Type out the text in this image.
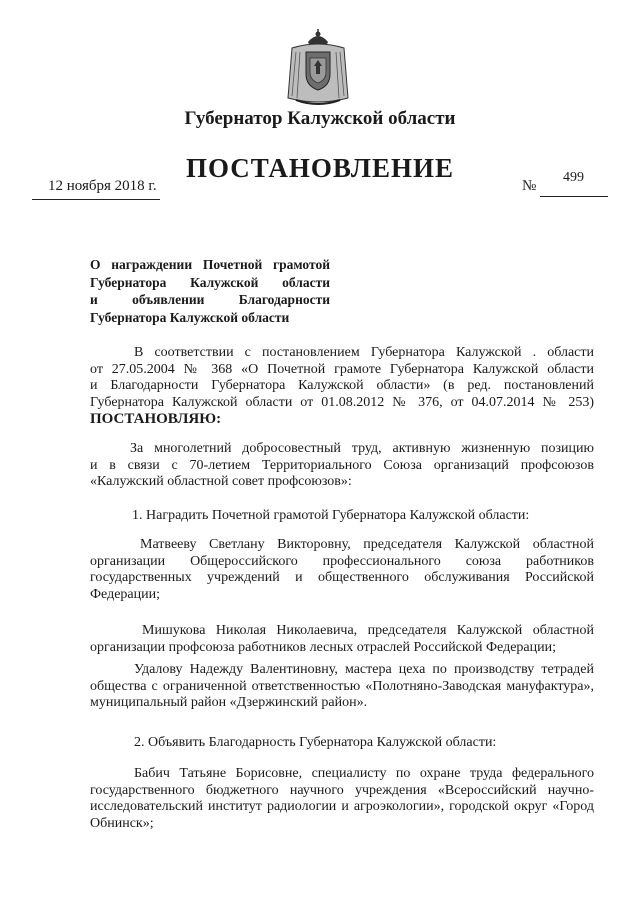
Губернатор Калужской области
ПОСТАНОВЛЕНИЕ
12 ноября 2018 г.	№
499
О награждении Почетной грамотой
Губернатора Калужской области
и объявлении Благодарности
Губернатора Калужской области
В соответствии с постановлением Губернатора Калужской . области
от 27.05.2004 № 368 «О Почетной грамоте Губернатора Калужской области
и Благодарности Губернатора Калужской области» (в ред. постановлений
Губернатора Калужской области от 01.08.2012 № 376, от 04.07.2014 № 253)
ПОСТАНОВЛЯЮ:
За многолетний добросовестный труд, активную жизненную позицию
и в связи с 70-летием Территориального Союза организаций профсоюзов
«Калужский областной совет профсоюзов»:
1. Наградить Почетной грамотой Губернатора Калужской области:
Матвееву Светлану Викторовну, председателя Калужской областной
организации Общероссийского профессионального союза работников
государственных учреждений и общественного обслуживания Российской
Федерации;
Мишукова Николая Николаевича, председателя Калужской областной
организации профсоюза работников лесных отраслей Российской Федерации;
Удалову Надежду Валентиновну, мастера цеха по производству тетрадей
общества с ограниченной ответственностью «Полотняно-Заводская мануфактура»,
муниципальный район «Дзержинский район».
2. Объявить Благодарность Губернатора Калужской области:
Бабич Татьяне Борисовне, специалисту по охране труда федерального
государственного бюджетного научного учреждения «Всероссийский научно-
исследовательский институт радиологии и агроэкологии», городской округ «Город
Обнинск»;
